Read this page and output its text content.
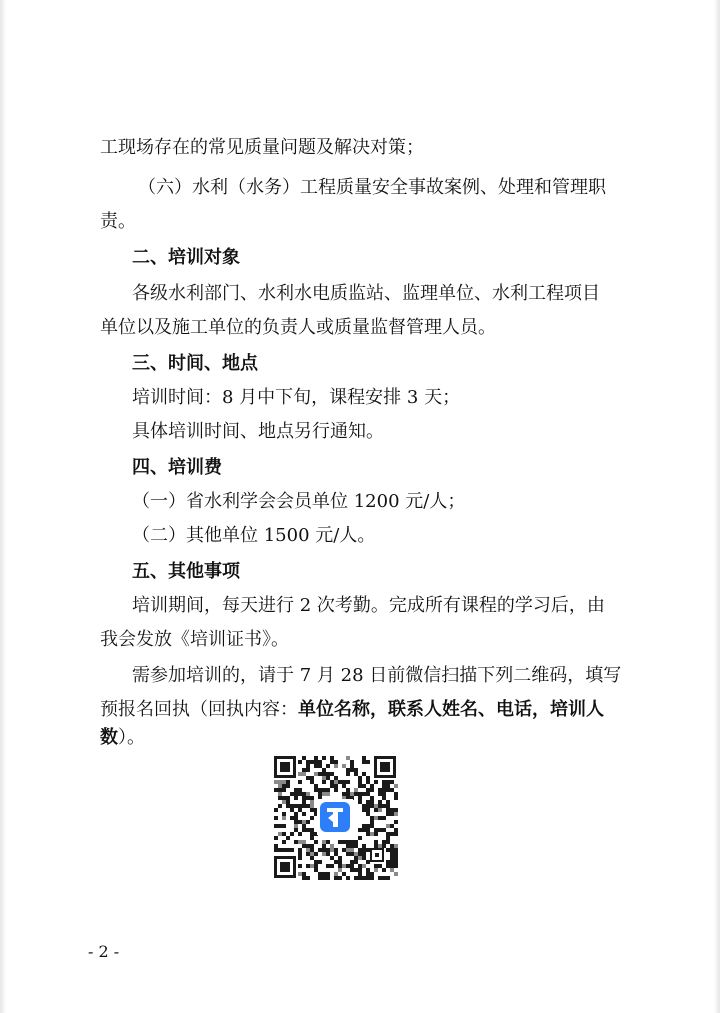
工现场存在的常见质量问题及解决对策；
（六）水利（水务）工程质量安全事故案例、处理和管理职
责。
二、培训对象
各级水利部门、水利水电质监站、监理单位、水利工程项目
单位以及施工单位的负责人或质量监督管理人员。
三、时间、地点
培训时间：8 月中下旬，课程安排 3 天；
具体培训时间、地点另行通知。
四、培训费
（一）省水利学会会员单位 1200 元/人；
（二）其他单位 1500 元/人。
五、其他事项
培训期间，每天进行 2 次考勤。完成所有课程的学习后，由
我会发放《培训证书》。
需参加培训的，请于 7 月 28 日前微信扫描下列二维码，填写
预报名回执（回执内容：单位名称，联系人姓名、电话，培训人
数）。
- 2 -
